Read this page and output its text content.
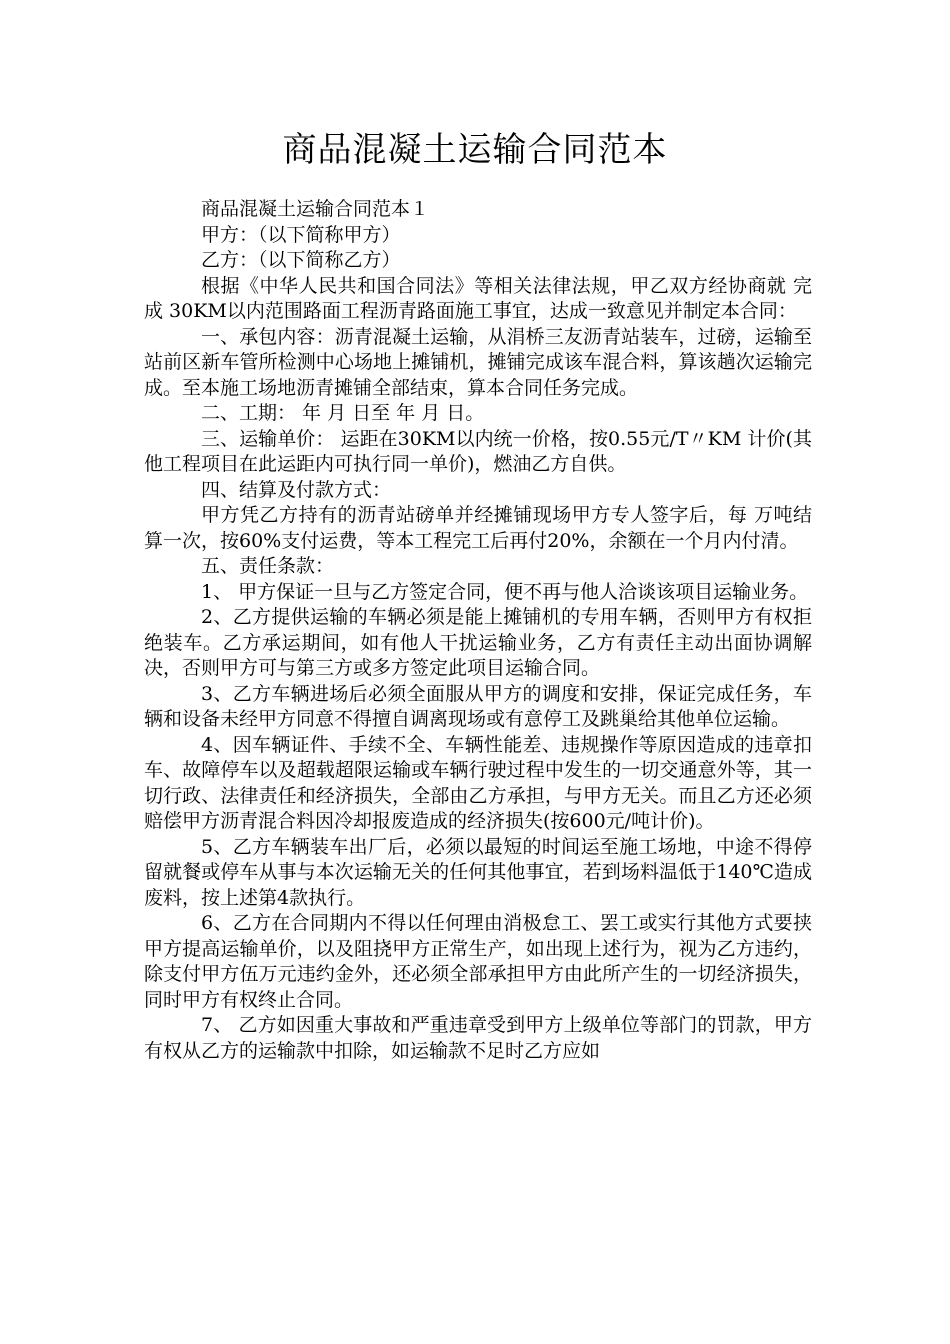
商品混凝土运输合同范本

商品混凝土运输合同范本１

甲方：（以下简称甲方）

乙方：（以下简称乙方）

根据《中华人民共和国合同法》等相关法律法规，甲乙双方经协商就 完成 30KM以内范围路面工程沥青路面施工事宜，达成一致意见并制定本合同：

一、承包内容：沥青混凝土运输，从涓桥三友沥青站装车，过磅，运输至 站前区新车管所检测中心场地上摊铺机，摊铺完成该车混合料，算该趟次运输完成。至本施工场地沥青摊铺全部结束，算本合同任务完成。

二、工期： 年 月 日至 年 月 日。

三、运输单价： 运距在30KM以内统一价格，按0.55元/T〃KM 计价(其他工程项目在此运距内可执行同一单价)，燃油乙方自供。

四、结算及付款方式：

甲方凭乙方持有的沥青站磅单并经摊铺现场甲方专人签字后，每 万吨结算一次，按60%支付运费，等本工程完工后再付20%，余额在一个月内付清。

五、责任条款：

1、 甲方保证一旦与乙方签定合同，便不再与他人洽谈该项目运输业务。

2、乙方提供运输的车辆必须是能上摊铺机的专用车辆，否则甲方有权拒绝装车。乙方承运期间，如有他人干扰运输业务，乙方有责任主动出面协调解决，否则甲方可与第三方或多方签定此项目运输合同。

3、乙方车辆进场后必须全面服从甲方的调度和安排，保证完成任务，车辆和设备未经甲方同意不得擅自调离现场或有意停工及跳巢给其他单位运输。

4、因车辆证件、手续不全、车辆性能差、违规操作等原因造成的违章扣车、故障停车以及超载超限运输或车辆行驶过程中发生的一切交通意外等，其一切行政、法律责任和经济损失，全部由乙方承担，与甲方无关。而且乙方还必须赔偿甲方沥青混合料因冷却报废造成的经济损失(按600元/吨计价)。

5、乙方车辆装车出厂后，必须以最短的时间运至施工场地，中途不得停留就餐或停车从事与本次运输无关的任何其他事宜，若到场料温低于140℃造成废料，按上述第4款执行。

6、乙方在合同期内不得以任何理由消极怠工、罢工或实行其他方式要挟甲方提高运输单价，以及阻挠甲方正常生产，如出现上述行为，视为乙方违约，除支付甲方伍万元违约金外，还必须全部承担甲方由此所产生的一切经济损失，同时甲方有权终止合同。

7、 乙方如因重大事故和严重违章受到甲方上级单位等部门的罚款，甲方有权从乙方的运输款中扣除，如运输款不足时乙方应如
